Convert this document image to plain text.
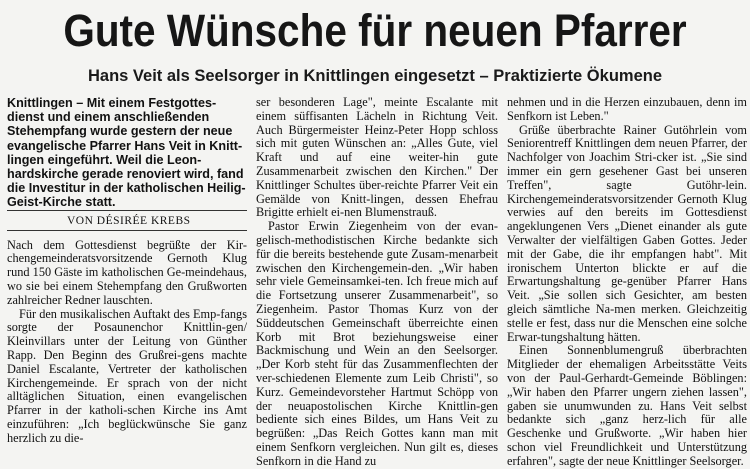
Gute Wünsche für neuen Pfarrer
Hans Veit als Seelsorger in Knittlingen eingesetzt – Praktizierte Ökumene

Knittlingen – Mit einem Festgottes-dienst und einem anschließenden Stehempfang wurde gestern der neue evangelische Pfarrer Hans Veit in Knitt-lingen eingeführt. Weil die Leon-hardskirche gerade renoviert wird, fand die Investitur in der katholischen Heilig-Geist-Kirche statt.

VON DÉSIRÉE KREBS

Nach dem Gottesdienst begrüßte der Kir-chengemeinderatsvorsitzende Gernoth Klug rund 150 Gäste im katholischen Ge-meindehaus, wo sie bei einem Stehempfang den Grußworten zahlreicher Redner lauschten.

Für den musikalischen Auftakt des Emp-fangs sorgte der Posaunenchor Knittlin-gen/ Kleinvillars unter der Leitung von Günther Rapp. Den Beginn des Grußrei-gens machte Daniel Escalante, Vertreter der katholischen Kirchengemeinde. Er sprach von der nicht alltäglichen Situation, einen evangelischen Pfarrer in der katholi-schen Kirche ins Amt einzuführen: „Ich beglückwünsche Sie ganz herzlich zu die-

ser besonderen Lage", meinte Escalante mit einem süffisanten Lächeln in Richtung Veit. Auch Bürgermeister Heinz-Peter Hopp schloss sich mit guten Wünschen an: „Alles Gute, viel Kraft und auf eine weiter-hin gute Zusammenarbeit zwischen den Kirchen." Der Knittlinger Schultes über-reichte Pfarrer Veit ein Gemälde von Knitt-lingen, dessen Ehefrau Brigitte erhielt ei-nen Blumenstrauß.

Pastor Erwin Ziegenheim von der evan-gelisch-methodistischen Kirche bedankte sich für die bereits bestehende gute Zusam-menarbeit zwischen den Kirchengemein-den. „Wir haben sehr viele Gemeinsamkei-ten. Ich freue mich auf die Fortsetzung unserer Zusammenarbeit", so Ziegenheim. Pastor Thomas Kurz von der Süddeutschen Gemeinschaft überreichte einen Korb mit Brot beziehungsweise einer Backmischung und Wein an den Seelsorger. „Der Korb steht für das Zusammenflechten der ver-schiedenen Elemente zum Leib Christi", so Kurz. Gemeindevorsteher Hartmut Schöpp von der neuapostolischen Kirche Knittlin-gen bediente sich eines Bildes, um Hans Veit zu begrüßen: „Das Reich Gottes kann man mit einem Senfkorn vergleichen. Nun gilt es, dieses Senfkorn in die Hand zu

nehmen und in die Herzen einzubauen, denn im Senfkorn ist Leben."

Grüße überbrachte Rainer Gutöhrlein vom Seniorentreff Knittlingen dem neuen Pfarrer, der Nachfolger von Joachim Stri-cker ist. „Sie sind immer ein gern gesehener Gast bei unseren Treffen", sagte Gutöhr-lein. Kirchengemeinderatsvorsitzender Gernoth Klug verwies auf den bereits im Gottesdienst angeklungenen Vers „Dienet einander als gute Verwalter der vielfältigen Gaben Gottes. Jeder mit der Gabe, die ihr empfangen habt". Mit ironischem Unterton blickte er auf die Erwartungshaltung ge-genüber Pfarrer Hans Veit. „Sie sollen sich Gesichter, am besten gleich sämtliche Na-men merken. Gleichzeitig stelle er fest, dass nur die Menschen eine solche Erwar-tungshaltung hätten.

Einen Sonnenblumengruß überbrachten Mitglieder der ehemaligen Arbeitsstätte Veits von der Paul-Gerhardt-Gemeinde Böblingen: „Wir haben den Pfarrer ungern ziehen lassen", gaben sie unumwunden zu. Hans Veit selbst bedankte sich „ganz herz-lich für alle Geschenke und Grußworte. „Wir haben hier schon viel Freundlichkeit und Unterstützung erfahren", sagte der neue Knittlinger Seelsorger.
